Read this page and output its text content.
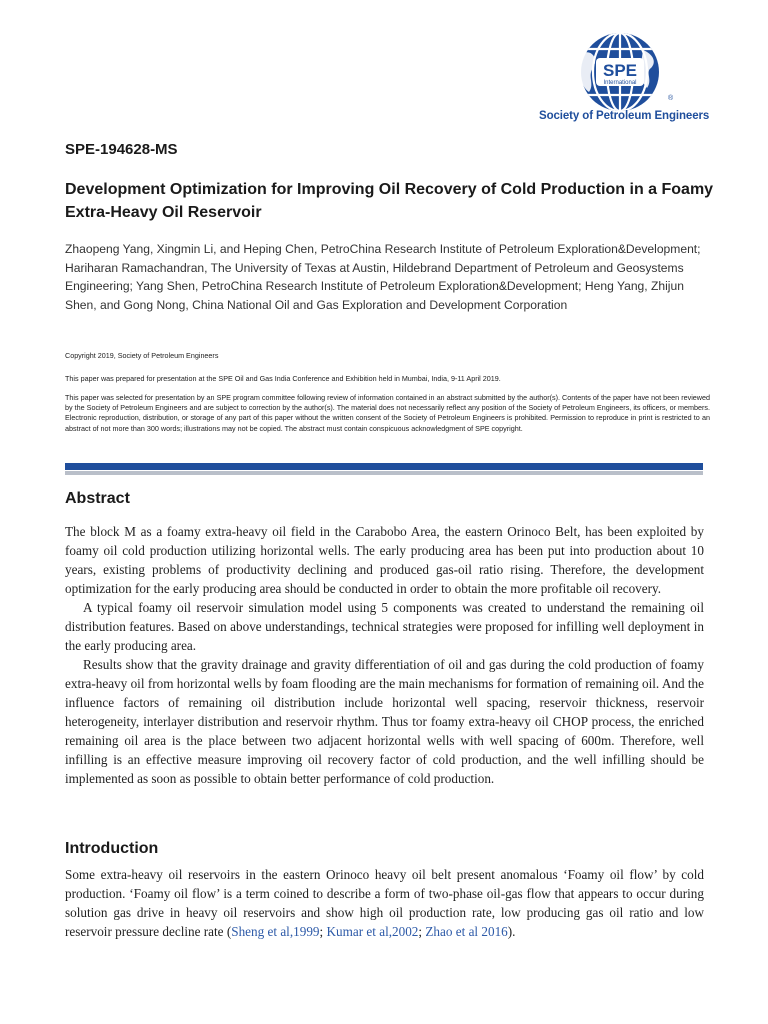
SPE
International
®
Society of Petroleum Engineers
SPE-194628-MS
Development Optimization for Improving Oil Recovery of Cold Production in a Foamy Extra-Heavy Oil Reservoir

Zhaopeng Yang, Xingmin Li, and Heping Chen, PetroChina Research Institute of Petroleum Exploration&Development; Hariharan Ramachandran, The University of Texas at Austin, Hildebrand Department of Petroleum and Geosystems Engineering; Yang Shen, PetroChina Research Institute of Petroleum Exploration&Development; Heng Yang, Zhijun Shen, and Gong Nong, China National Oil and Gas Exploration and Development Corporation

Copyright 2019, Society of Petroleum Engineers
This paper was prepared for presentation at the SPE Oil and Gas India Conference and Exhibition held in Mumbai, India, 9-11 April 2019.

This paper was selected for presentation by an SPE program committee following review of information contained in an abstract submitted by the author(s). Contents of the paper have not been reviewed by the Society of Petroleum Engineers and are subject to correction by the author(s). The material does not necessarily reflect any position of the Society of Petroleum Engineers, its officers, or members. Electronic reproduction, distribution, or storage of any part of this paper without the written consent of the Society of Petroleum Engineers is prohibited. Permission to reproduce in print is restricted to an abstract of not more than 300 words; illustrations may not be copied. The abstract must contain conspicuous acknowledgment of SPE copyright.

Abstract

The block M as a foamy extra-heavy oil field in the Carabobo Area, the eastern Orinoco Belt, has been exploited by foamy oil cold production utilizing horizontal wells. The early producing area has been put into production about 10 years, existing problems of productivity declining and produced gas-oil ratio rising. Therefore, the development optimization for the early producing area should be conducted in order to obtain the more profitable oil recovery.

A typical foamy oil reservoir simulation model using 5 components was created to understand the remaining oil distribution features. Based on above understandings, technical strategies were proposed for infilling well deployment in the early producing area.

Results show that the gravity drainage and gravity differentiation of oil and gas during the cold production of foamy extra-heavy oil from horizontal wells by foam flooding are the main mechanisms for formation of remaining oil. And the influence factors of remaining oil distribution include horizontal well spacing, reservoir thickness, reservoir heterogeneity, interlayer distribution and reservoir rhythm. Thus tor foamy extra-heavy oil CHOP process, the enriched remaining oil area is the place between two adjacent horizontal wells with well spacing of 600m. Therefore, well infilling is an effective measure improving oil recovery factor of cold production, and the well infilling should be implemented as soon as possible to obtain better performance of cold production.

Introduction

Some extra-heavy oil reservoirs in the eastern Orinoco heavy oil belt present anomalous ‘Foamy oil flow’ by cold production. ‘Foamy oil flow’ is a term coined to describe a form of two-phase oil-gas flow that appears to occur during solution gas drive in heavy oil reservoirs and show high oil production rate, low producing gas oil ratio and low reservoir pressure decline rate (Sheng et al,1999; Kumar et al,2002; Zhao et al 2016).
